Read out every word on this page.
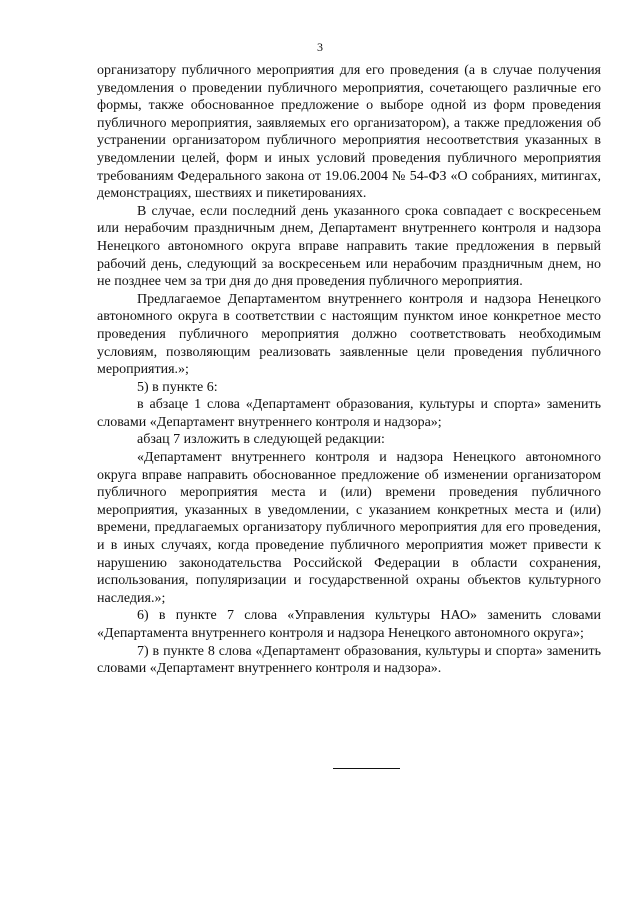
3

организатору публичного мероприятия для его проведения (а в случае получения уведомления о проведении публичного мероприятия, сочетающего различные его формы, также обоснованное предложение о выборе одной из форм проведения публичного мероприятия, заявляемых его организатором), а также предложения об устранении организатором публичного мероприятия несоответствия указанных в уведомлении целей, форм и иных условий проведения публичного мероприятия требованиям Федерального закона от 19.06.2004 № 54-ФЗ «О собраниях, митингах, демонстрациях, шествиях и пикетированиях.

В случае, если последний день указанного срока совпадает с воскресеньем или нерабочим праздничным днем, Департамент внутреннего контроля и надзора Ненецкого автономного округа вправе направить такие предложения в первый рабочий день, следующий за воскресеньем или нерабочим праздничным днем, но не позднее чем за три дня до дня проведения публичного мероприятия.

Предлагаемое Департаментом внутреннего контроля и надзора Ненецкого автономного округа в соответствии с настоящим пунктом иное конкретное место проведения публичного мероприятия должно соответствовать необходимым условиям, позволяющим реализовать заявленные цели проведения публичного мероприятия.»;

5) в пункте 6:

в абзаце 1 слова «Департамент образования, культуры и спорта» заменить словами «Департамент внутреннего контроля и надзора»;

абзац 7 изложить в следующей редакции:

«Департамент внутреннего контроля и надзора Ненецкого автономного округа вправе направить обоснованное предложение об изменении организатором публичного мероприятия места и (или) времени проведения публичного мероприятия, указанных в уведомлении, с указанием конкретных места и (или) времени, предлагаемых организатору публичного мероприятия для его проведения, и в иных случаях, когда проведение публичного мероприятия может привести к нарушению законодательства Российской Федерации в области сохранения, использования, популяризации и государственной охраны объектов культурного наследия.»;

6) в пункте 7 слова «Управления культуры НАО» заменить словами «Департамента внутреннего контроля и надзора Ненецкого автономного округа»;

7) в пункте 8 слова «Департамент образования, культуры и спорта» заменить словами «Департамент внутреннего контроля и надзора».
